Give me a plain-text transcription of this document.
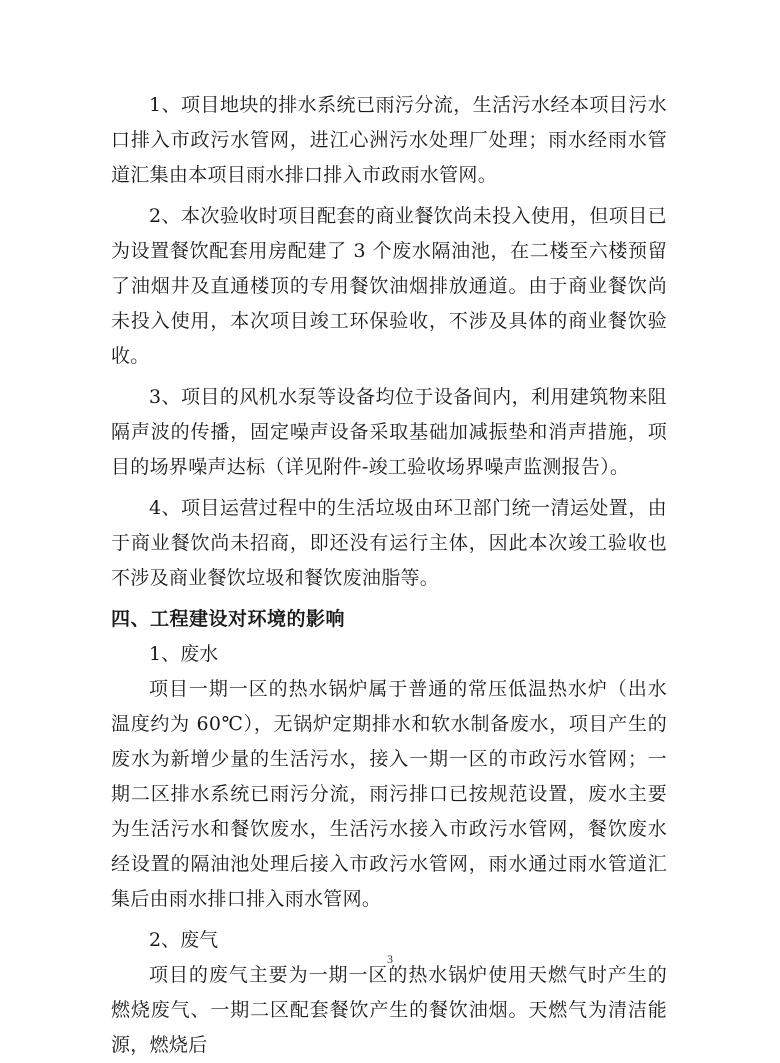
1、项目地块的排水系统已雨污分流，生活污水经本项目污水口排入市政污水管网，进江心洲污水处理厂处理；雨水经雨水管道汇集由本项目雨水排口排入市政雨水管网。

2、本次验收时项目配套的商业餐饮尚未投入使用，但项目已为设置餐饮配套用房配建了 3 个废水隔油池，在二楼至六楼预留了油烟井及直通楼顶的专用餐饮油烟排放通道。由于商业餐饮尚未投入使用，本次项目竣工环保验收，不涉及具体的商业餐饮验收。

3、项目的风机水泵等设备均位于设备间内，利用建筑物来阻隔声波的传播，固定噪声设备采取基础加减振垫和消声措施，项目的场界噪声达标（详见附件-竣工验收场界噪声监测报告）。

4、项目运营过程中的生活垃圾由环卫部门统一清运处置，由于商业餐饮尚未招商，即还没有运行主体，因此本次竣工验收也不涉及商业餐饮垃圾和餐饮废油脂等。

四、工程建设对环境的影响

1、废水

项目一期一区的热水锅炉属于普通的常压低温热水炉（出水温度约为 60℃），无锅炉定期排水和软水制备废水，项目产生的废水为新增少量的生活污水，接入一期一区的市政污水管网；一期二区排水系统已雨污分流，雨污排口已按规范设置，废水主要为生活污水和餐饮废水，生活污水接入市政污水管网，餐饮废水经设置的隔油池处理后接入市政污水管网，雨水通过雨水管道汇集后由雨水排口排入雨水管网。

2、废气

项目的废气主要为一期一区的热水锅炉使用天燃气时产生的燃烧废气、一期二区配套餐饮产生的餐饮油烟。天燃气为清洁能源，燃烧后

3
